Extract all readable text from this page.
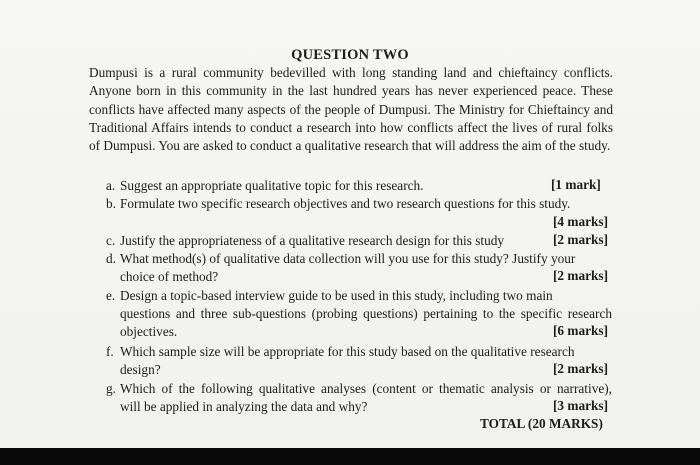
QUESTION TWO

Dumpusi is a rural community bedevilled with long standing land and chieftaincy conflicts. Anyone born in this community in the last hundred years has never experienced peace. These conflicts have affected many aspects of the people of Dumpusi. The Ministry for Chieftaincy and Traditional Affairs intends to conduct a research into how conflicts affect the lives of rural folks of Dumpusi. You are asked to conduct a qualitative research that will address the aim of the study.

a. Suggest an appropriate qualitative topic for this research.	[1 mark]
b. Formulate two specific research objectives and two research questions for this study.
[4 marks]
c. Justify the appropriateness of a qualitative research design for this study	[2 marks]
d. What method(s) of qualitative data collection will you use for this study? Justify your
choice of method?	[2 marks]
e. Design a topic-based interview guide to be used in this study, including two main
questions and three sub-questions (probing questions) pertaining to the specific research
objectives.	[6 marks]
f. Which sample size will be appropriate for this study based on the qualitative research
design?	[2 marks]
g. Which of the following qualitative analyses (content or thematic analysis or narrative),
will be applied in analyzing the data and why?	[3 marks]
TOTAL (20 MARKS)
